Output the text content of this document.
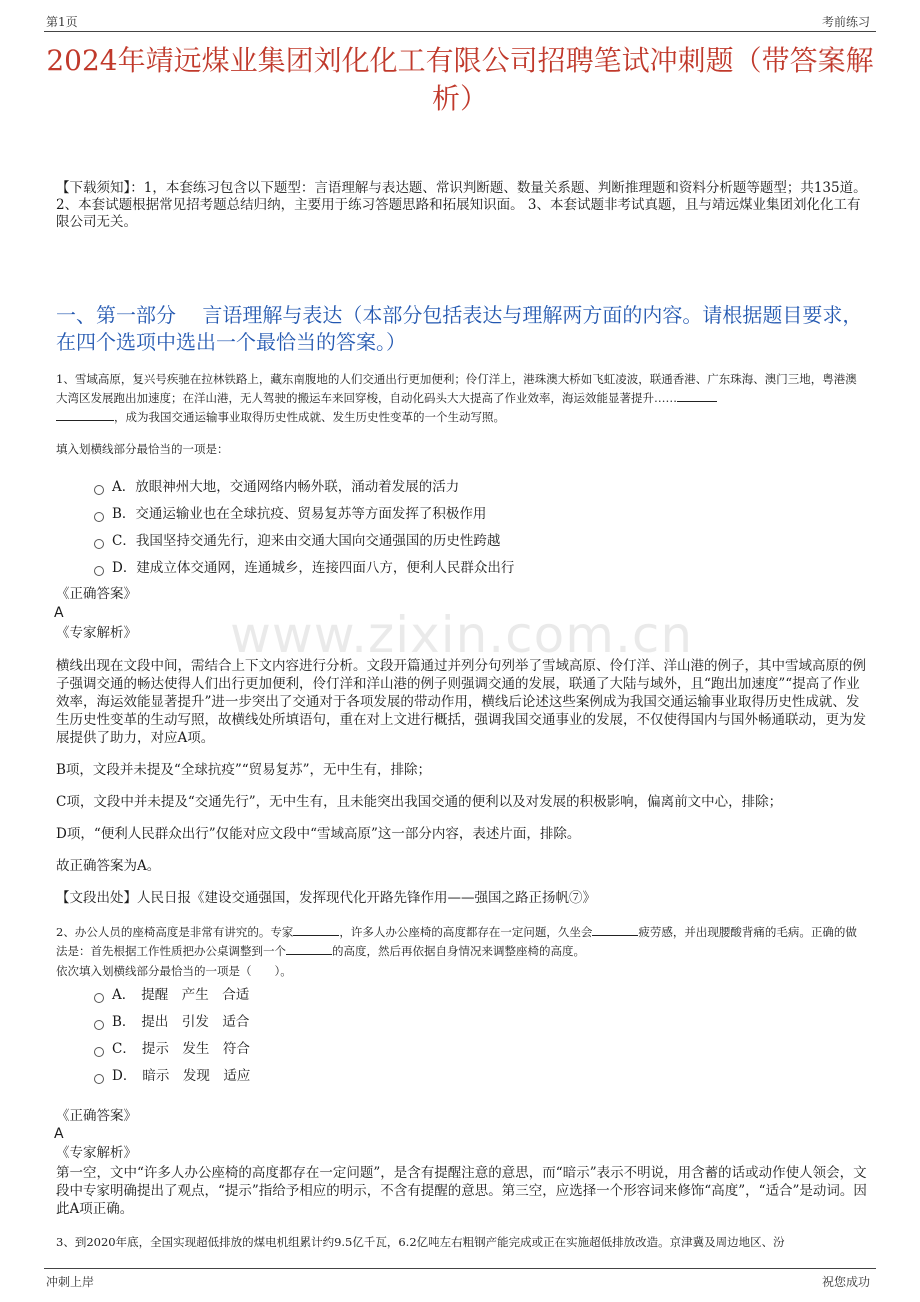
第1页	考前练习
2024年靖远煤业集团刘化化工有限公司招聘笔试冲刺题（带答案解析）
【下载须知】：1，本套练习包含以下题型：言语理解与表达题、常识判断题、数量关系题、判断推理题和资料分析题等题型；共135道。 2、本套试题根据常见招考题总结归纳，主要用于练习答题思路和拓展知识面。 3、本套试题非考试真题，且与靖远煤业集团刘化化工有限公司无关。
一、第一部分　 言语理解与表达（本部分包括表达与理解两方面的内容。请根据题目要求，在四个选项中选出一个最恰当的答案。）
1、雪域高原，复兴号疾驰在拉林铁路上，藏东南腹地的人们交通出行更加便利；伶仃洋上，港珠澳大桥如飞虹凌波，联通香港、广东珠海、澳门三地，粤港澳大湾区发展跑出加速度；在洋山港，无人驾驶的搬运车来回穿梭，自动化码头大大提高了作业效率，海运效能显著提升……
，成为我国交通运输事业取得历史性成就、发生历史性变革的一个生动写照。
填入划横线部分最恰当的一项是：
A． 放眼神州大地，交通网络内畅外联，涌动着发展的活力
B． 交通运输业也在全球抗疫、贸易复苏等方面发挥了积极作用
C． 我国坚持交通先行，迎来由交通大国向交通强国的历史性跨越
D． 建成立体交通网，连通城乡，连接四面八方，便利人民群众出行
《正确答案》
A
《专家解析》	www.zixin.com.cn
横线出现在文段中间，需结合上下文内容进行分析。文段开篇通过并列分句列举了雪域高原、伶仃洋、洋山港的例子，其中雪域高原的例子强调交通的畅达使得人们出行更加便利，伶仃洋和洋山港的例子则强调交通的发展，联通了大陆与域外，且“跑出加速度”“提高了作业效率，海运效能显著提升”进一步突出了交通对于各项发展的带动作用，横线后论述这些案例成为我国交通运输事业取得历史性成就、发生历史性变革的生动写照，故横线处所填语句，重在对上文进行概括，强调我国交通事业的发展，不仅使得国内与国外畅通联动，更为发展提供了助力，对应A项。
B项，文段并未提及“全球抗疫”“贸易复苏”，无中生有，排除；
C项，文段中并未提及“交通先行”，无中生有，且未能突出我国交通的便利以及对发展的积极影响，偏离前文中心，排除；
D项，“便利人民群众出行”仅能对应文段中“雪域高原”这一部分内容，表述片面，排除。
故正确答案为A。
【文段出处】人民日报《建设交通强国，发挥现代化开路先锋作用——强国之路正扬帆⑦》
2、办公人员的座椅高度是非常有讲究的。专家	，许多人办公座椅的高度都存在一定问题，久坐会	疲劳感，并出现腰酸背痛的毛病。正确的做法是：首先根据工作性质把办公桌调整到一个	的高度，然后再依据自身情况来调整座椅的高度。
依次填入划横线部分最恰当的一项是（　　）。
A． 提醒　产生　合适
B． 提出　引发　适合
C． 提示　发生　符合
D． 暗示　发现　适应
《正确答案》
A
《专家解析》
第一空，文中“许多人办公座椅的高度都存在一定问题”，是含有提醒注意的意思，而“暗示”表示不明说，用含蓄的话或动作使人领会，文段中专家明确提出了观点，“提示”指给予相应的明示，不含有提醒的意思。第三空，应选择一个形容词来修饰“高度”，“适合”是动词。因此A项正确。
3、到2020年底，全国实现超低排放的煤电机组累计约9.5亿千瓦，6.2亿吨左右粗钢产能完成或正在实施超低排放改造。京津冀及周边地区、汾
冲刺上岸	祝您成功
